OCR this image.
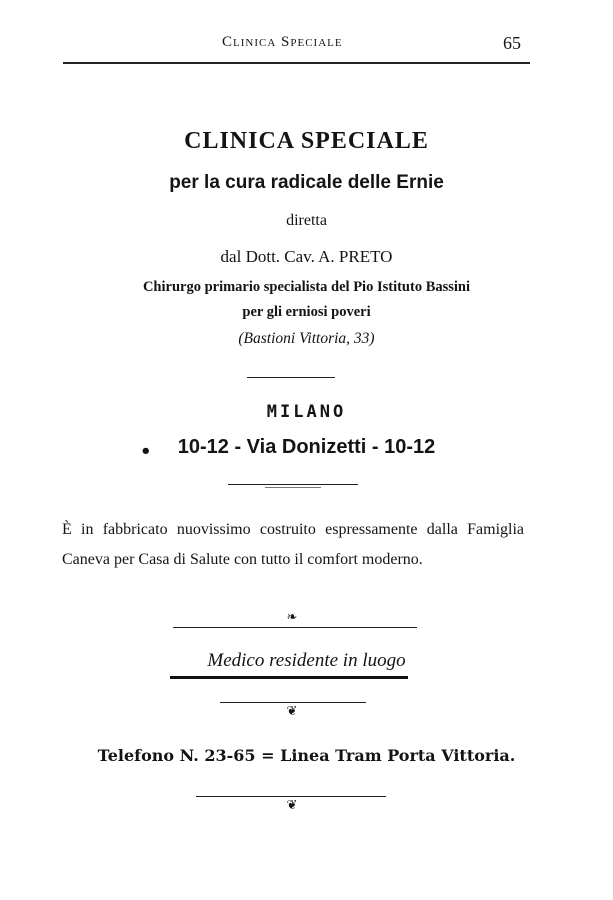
Clinica Speciale	65
CLINICA SPECIALE
per la cura radicale delle Ernie
diretta
dal Dott. Cav. A. PRETO
Chirurgo primario specialista del Pio Istituto Bassini
per gli erniosi poveri
(Bastioni Vittoria, 33)
MILANO
•	10-12 - Via Donizetti - 10-12
È in fabbricato nuovissimo costruito espressamente dalla Famiglia Caneva per Casa di Salute con tutto il comfort moderno.
❧
Medico residente in luogo
❦
Telefono N. 23-65 = Linea Tram Porta Vittoria.
❦
